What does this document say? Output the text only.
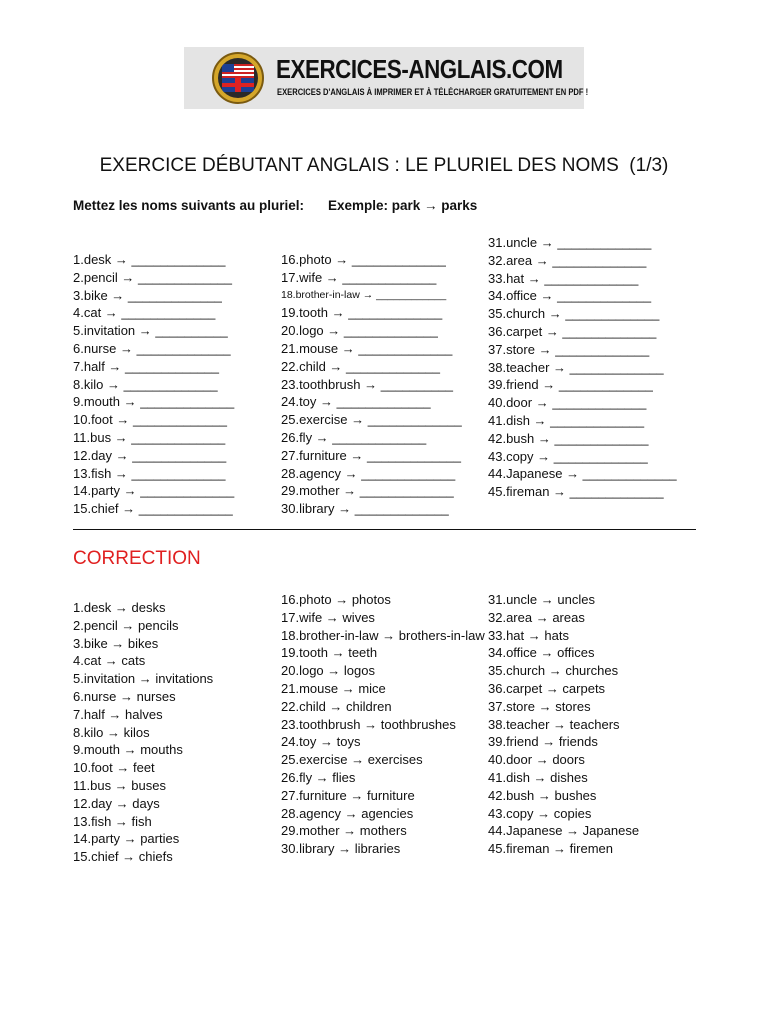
EXERCICES-ANGLAIS.COM
EXERCICES D'ANGLAIS À IMPRIMER ET À TÉLÉCHARGER GRATUITEMENT EN PDF !
EXERCICE DÉBUTANT ANGLAIS : LE PLURIEL DES NOMS  (1/3)
Mettez les noms suivants au pluriel: Exemple: park → parks
1.desk → _____________
2.pencil → _____________
3.bike → _____________
4.cat → _____________
5.invitation → __________
6.nurse → _____________
7.half → _____________
8.kilo → _____________
9.mouth → _____________
10.foot → _____________
11.bus → _____________
12.day → _____________
13.fish → _____________
14.party → _____________
15.chief → _____________
16.photo → _____________
17.wife → _____________
18.brother-in-law → ____________
19.tooth → _____________
20.logo → _____________
21.mouse → _____________
22.child → _____________
23.toothbrush → __________
24.toy → _____________
25.exercise → _____________
26.fly → _____________
27.furniture → _____________
28.agency → _____________
29.mother → _____________
30.library → _____________
31.uncle → _____________
32.area → _____________
33.hat → _____________
34.office → _____________
35.church → _____________
36.carpet → _____________
37.store → _____________
38.teacher → _____________
39.friend → _____________
40.door → _____________
41.dish → _____________
42.bush → _____________
43.copy → _____________
44.Japanese → _____________
45.fireman → _____________
CORRECTION
1.desk → desks
2.pencil → pencils
3.bike → bikes
4.cat → cats
5.invitation → invitations
6.nurse → nurses
7.half → halves
8.kilo → kilos
9.mouth → mouths
10.foot → feet
11.bus → buses
12.day → days
13.fish → fish
14.party → parties
15.chief → chiefs
16.photo → photos
17.wife → wives
18.brother-in-law → brothers-in-law
19.tooth → teeth
20.logo → logos
21.mouse → mice
22.child → children
23.toothbrush → toothbrushes
24.toy → toys
25.exercise → exercises
26.fly → flies
27.furniture → furniture
28.agency → agencies
29.mother → mothers
30.library → libraries
31.uncle → uncles
32.area → areas
33.hat → hats
34.office → offices
35.church → churches
36.carpet → carpets
37.store → stores
38.teacher → teachers
39.friend → friends
40.door → doors
41.dish → dishes
42.bush → bushes
43.copy → copies
44.Japanese → Japanese
45.fireman → firemen
